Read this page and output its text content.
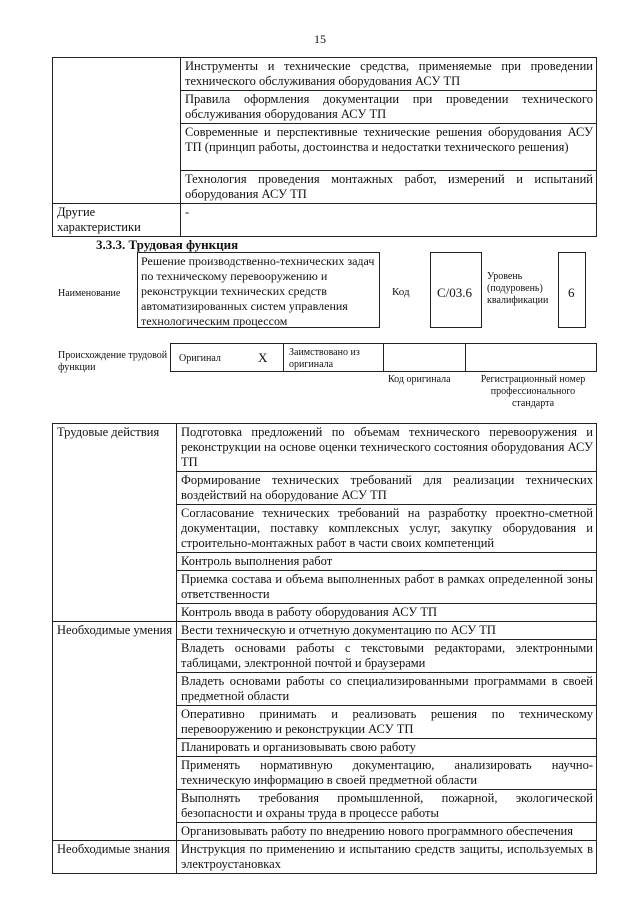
15
	Инструменты и технические средства, применяемые при проведении технического обслуживания оборудования АСУ ТП
	Правила оформления документации при проведении технического обслуживания оборудования АСУ ТП
	Современные и перспективные технические решения оборудования АСУ ТП (принцип работы, достоинства и недостатки технического решения)
	Технология проведения монтажных работ, измерений и испытаний оборудования АСУ ТП
Другие характеристики	-
3.3.3. Трудовая функция
Наименование
Решение производственно-технических задач по техническому перевооружению и реконструкции технических средств автоматизированных систем управления технологическим процессом
Код С/03.6
Уровень (подуровень) квалификации
6
Происхождение трудовой функции
Оригинал	X Заимствовано из оригинала
Код оригинала	Регистрационный номер профессионального стандарта
Трудовые действия	Подготовка предложений по объемам технического перевооружения и реконструкции на основе оценки технического состояния оборудования АСУ ТП
	Формирование технических требований для реализации технических воздействий на оборудование АСУ ТП
	Согласование технических требований на разработку проектно-сметной документации, поставку комплексных услуг, закупку оборудования и строительно-монтажных работ в части своих компетенций
	Контроль выполнения работ
	Приемка состава и объема выполненных работ в рамках определенной зоны ответственности
	Контроль ввода в работу оборудования АСУ ТП
Необходимые умения	Вести техническую и отчетную документацию по АСУ ТП
	Владеть основами работы с текстовыми редакторами, электронными таблицами, электронной почтой и браузерами
	Владеть основами работы со специализированными программами в своей предметной области
	Оперативно принимать и реализовать решения по техническому перевооружению и реконструкции АСУ ТП
	Планировать и организовывать свою работу
	Применять нормативную документацию, анализировать научно-техническую информацию в своей предметной области
	Выполнять требования промышленной, пожарной, экологической безопасности и охраны труда в процессе работы
	Организовывать работу по внедрению нового программного обеспечения
Необходимые знания	Инструкция по применению и испытанию средств защиты, используемых в электроустановках
